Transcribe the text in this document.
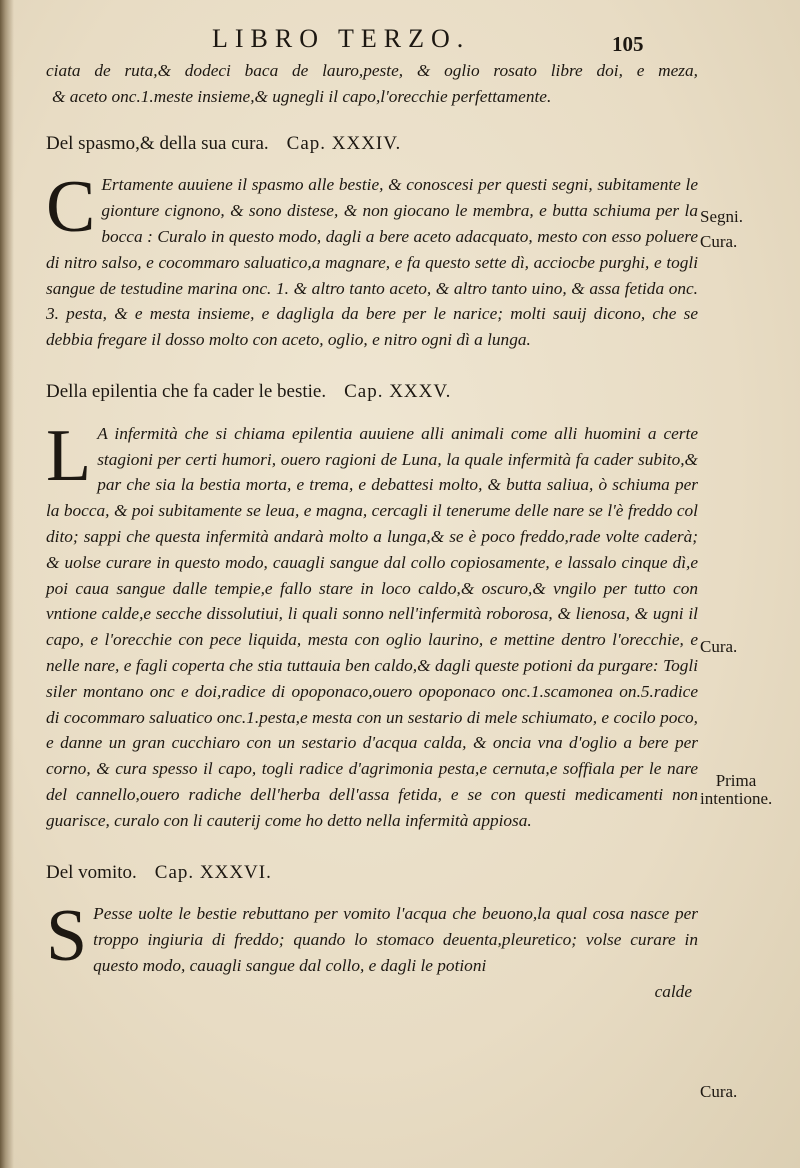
LIBRO TERZO.	105

ciata de ruta,& dodeci baca de lauro,peste, & oglio rosato libre doi, e meza,

& aceto onc.1.meste insieme,& ugnegli il capo,l'orecchie perfettamente.

Del spasmo,& della sua cura. Cap. XXXIV.

C Ertamente auuiene il spasmo alle bestie, & conoscesi per questi segni, subitamente le gionture cignono, & sono distese, & non giocano le membra, e butta schiuma per la bocca : Curalo in questo modo, dagli a bere aceto adacquato, mesto con esso poluere di nitro salso, e cocommaro saluatico,a magnare, e fa questo sette dì, acciocbe purghi, e togli sangue de testudine marina onc. 1. & altro tanto aceto, & altro tanto uino, & assa fetida onc. 3. pesta, & e mesta insieme, e dagligla da bere per le narice; molti sauij dicono, che se debbia fregare il dosso molto con aceto, oglio, e nitro ogni dì a lunga.

Della epilentia che fa cader le bestie. Cap. XXXV.

L A infermità che si chiama epilentia auuiene alli animali come alli huomini a certe stagioni per certi humori, ouero ragioni de Luna, la quale infermità fa cader subito,& par che sia la bestia morta, e trema, e debattesi molto, & butta saliua, ò schiuma per la bocca, & poi subitamente se leua, e magna, cercagli il tenerume delle nare se l'è freddo col dito; sappi che questa infermità andarà molto a lunga,& se è poco freddo,rade volte caderà; & uolse curare in questo modo, cauagli sangue dal collo copiosamente, e lassalo cinque dì,e poi caua sangue dalle tempie,e fallo stare in loco caldo,& oscuro,& vngilo per tutto con vntione calde,e secche dissolutiui, li quali sonno nell'infermità roborosa, & lienosa, & ugni il capo, e l'orecchie con pece liquida, mesta con oglio laurino, e mettine dentro l'orecchie, e nelle nare, e fagli coperta che stia tuttauia ben caldo,& dagli queste potioni da purgare: Togli siler montano onc e doi,radice di opoponaco,ouero opoponaco onc.1.scamonea on.5.radice di cocommaro saluatico onc.1.pesta,e mesta con un sestario di mele schiumato, e cocilo poco, e danne un gran cucchiaro con un sestario d'acqua calda, & oncia vna d'oglio a bere per corno, & cura spesso il capo, togli radice d'agrimonia pesta,e cernuta,e soffiala per le nare del cannello,ouero radiche dell'herba dell'assa fetida, e se con questi medicamenti non guarisce, curalo con li cauterij come ho detto nella infermità appiosa.

Del vomito. Cap. XXXVI.

S Pesse uolte le bestie rebuttano per vomito l'acqua che beuono,la qual cosa nasce per troppo ingiuria di freddo; quando lo stomaco deuenta,pleuretico; volse curare in questo modo, cauagli sangue dal collo, e dagli le potioni

calde

Segni.
Cura.
Cura.
Prima intentione.
Cura.
